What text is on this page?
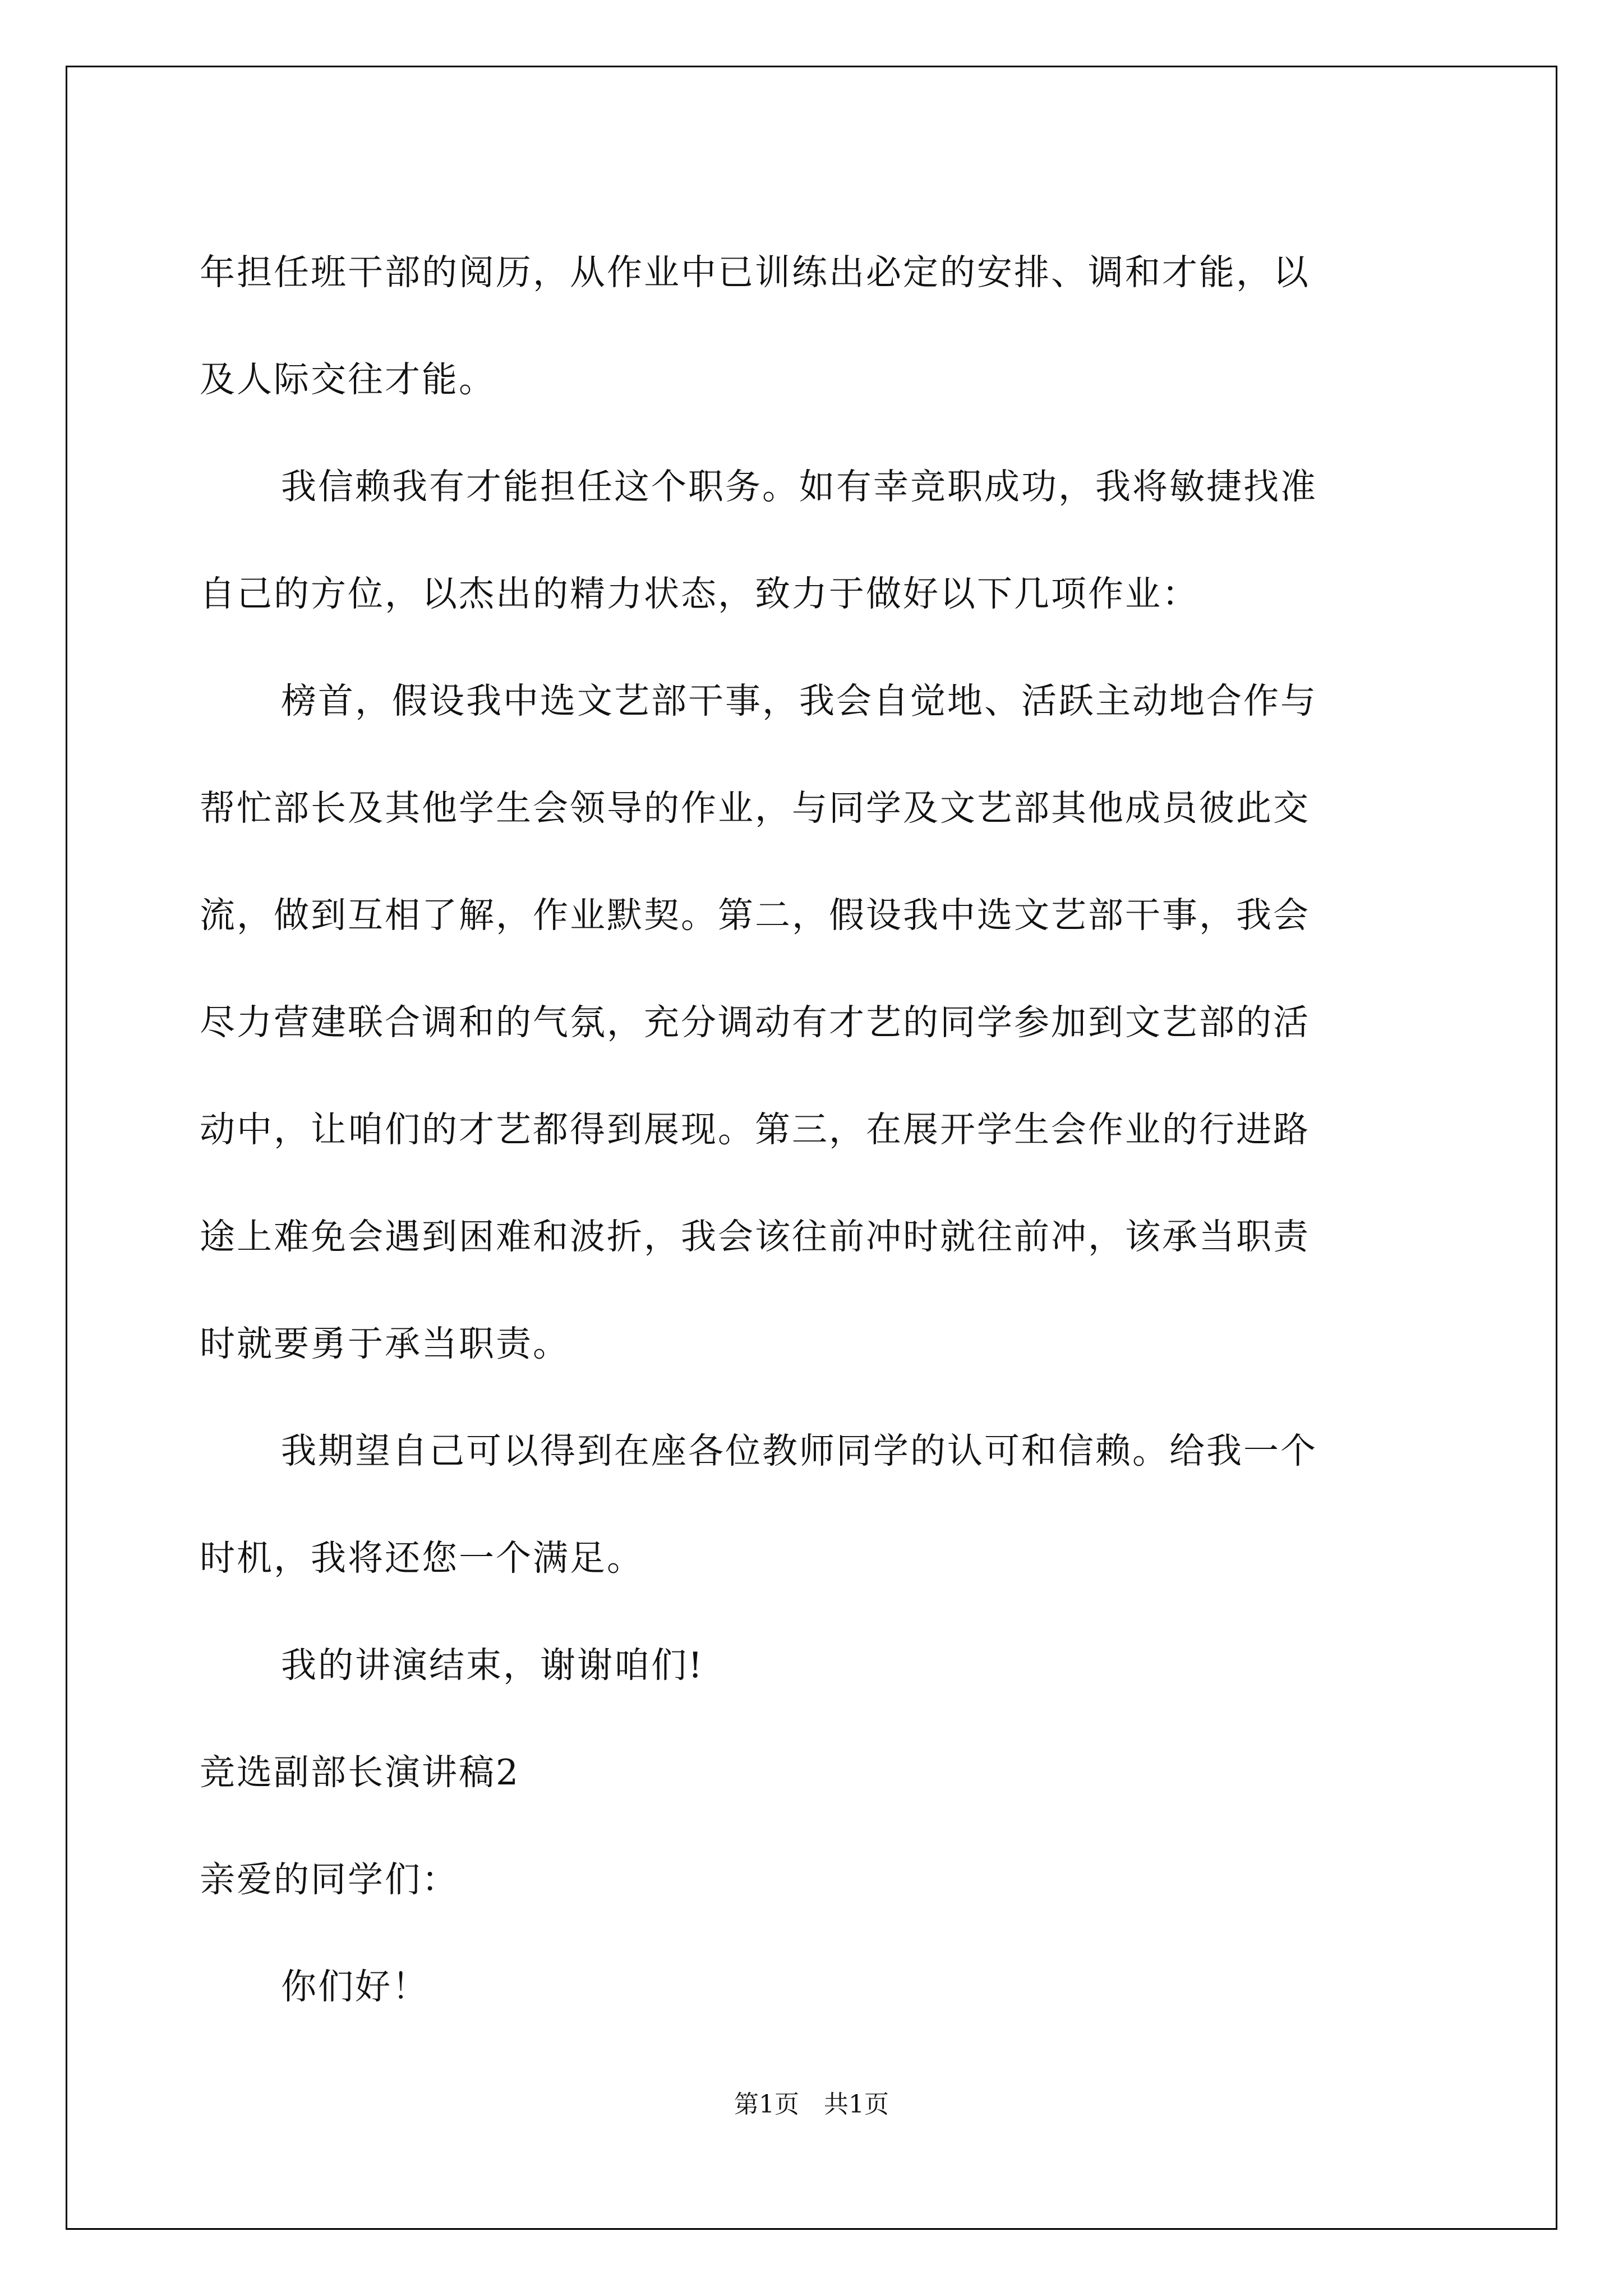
年担任班干部的阅历，从作业中已训练出必定的安排、调和才能，以
及人际交往才能。
我信赖我有才能担任这个职务。如有幸竞职成功，我将敏捷找准
自己的方位，以杰出的精力状态，致力于做好以下几项作业：
榜首，假设我中选文艺部干事，我会自觉地、活跃主动地合作与
帮忙部长及其他学生会领导的作业，与同学及文艺部其他成员彼此交
流，做到互相了解，作业默契。第二，假设我中选文艺部干事，我会
尽力营建联合调和的气氛，充分调动有才艺的同学参加到文艺部的活
动中，让咱们的才艺都得到展现。第三，在展开学生会作业的行进路
途上难免会遇到困难和波折，我会该往前冲时就往前冲，该承当职责
时就要勇于承当职责。
我期望自己可以得到在座各位教师同学的认可和信赖。给我一个
时机，我将还您一个满足。
我的讲演结束，谢谢咱们!
竞选副部长演讲稿2
亲爱的同学们：
你们好！
第1页　共1页
